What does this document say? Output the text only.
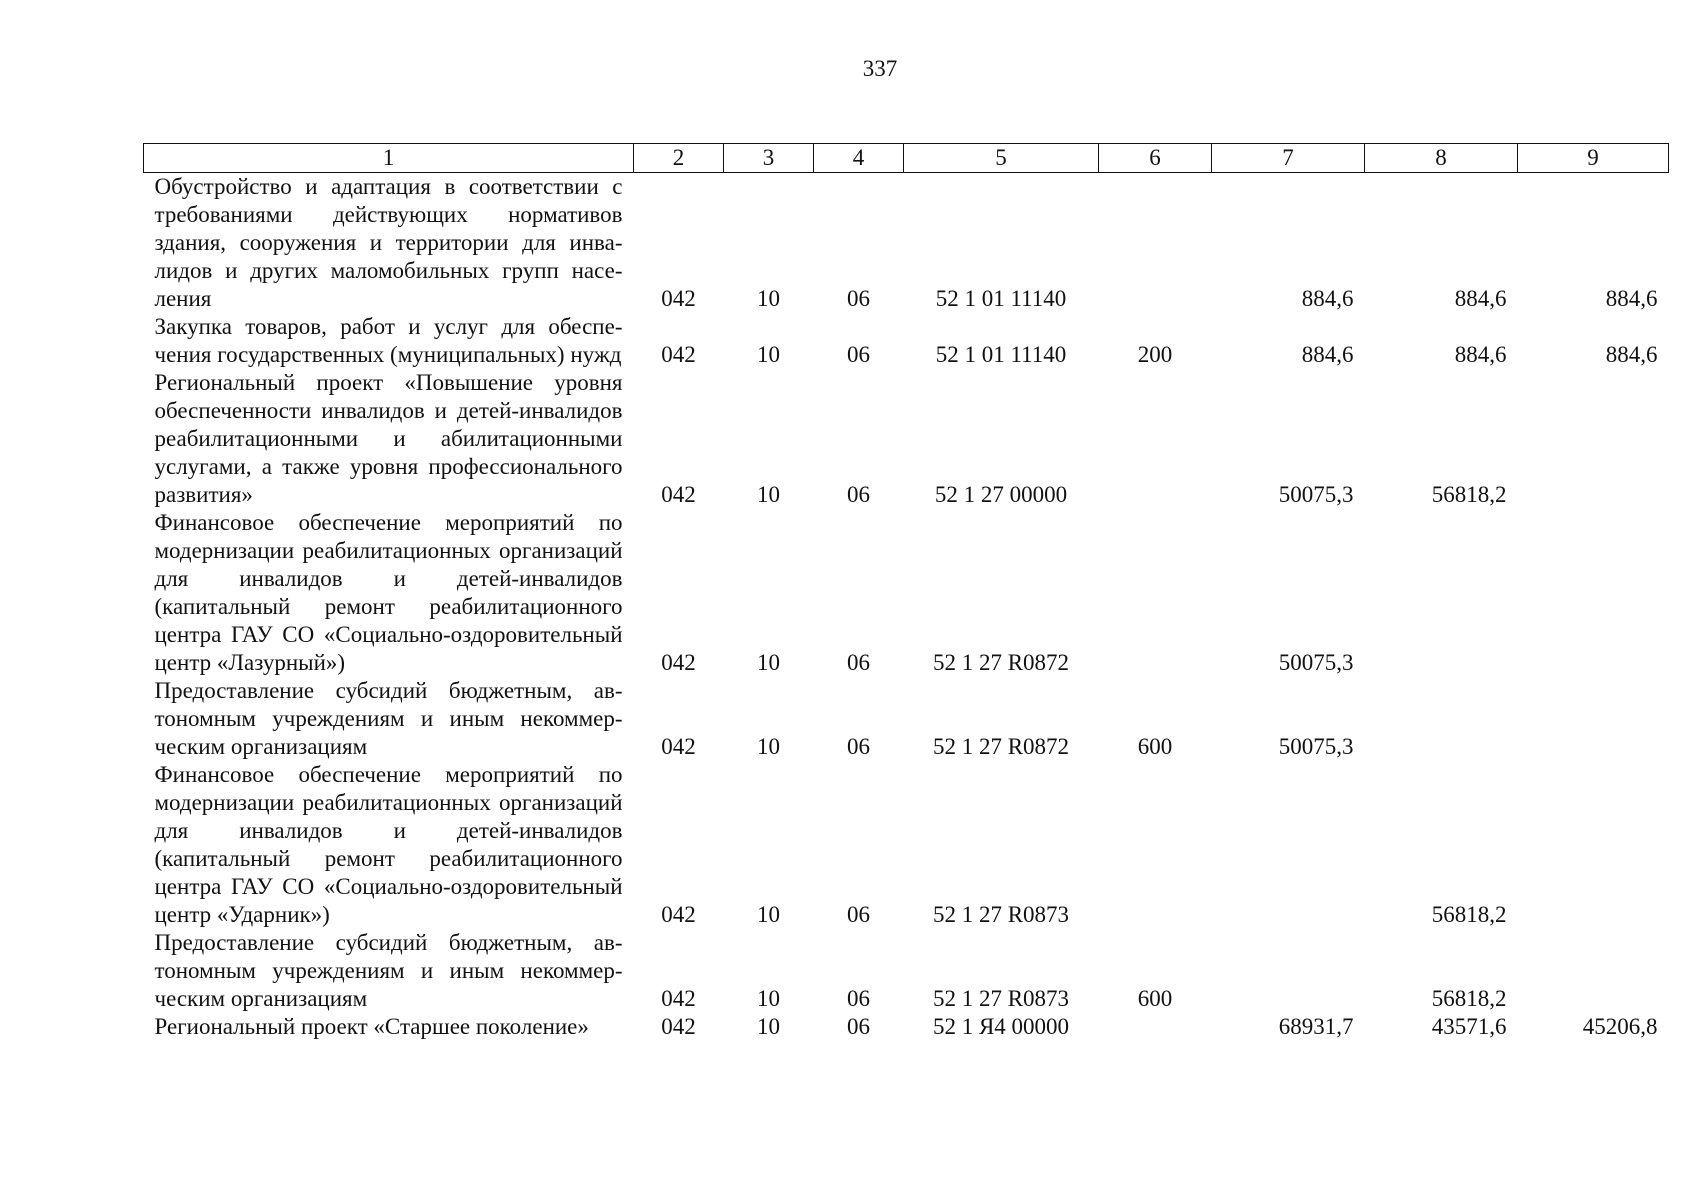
337
1	2	3	4	5	6	7	8	9
Обустройство и адаптация в соответствии с требованиями действующих нормативов здания, сооружения и территории для инвалидов и других маломобильных групп населения	042	10	06	52 1 01 11140		884,6	884,6	884,6
Закупка товаров, работ и услуг для обеспечения государственных (муниципальных) нужд	042	10	06	52 1 01 11140	200	884,6	884,6	884,6
Региональный проект «Повышение уровня обеспеченности инвалидов и детей-инвалидов реабилитационными и абилитационными услугами, а также уровня профессионального развития»	042	10	06	52 1 27 00000		50075,3	56818,2	
Финансовое обеспечение мероприятий по модернизации реабилитационных организаций для инвалидов и детей-инвалидов (капитальный ремонт реабилитационного центра ГАУ СО «Социально-оздоровительный центр «Лазурный»)	042	10	06	52 1 27 R0872		50075,3		
Предоставление субсидий бюджетным, автономным учреждениям и иным некоммерческим организациям	042	10	06	52 1 27 R0872	600	50075,3		
Финансовое обеспечение мероприятий по модернизации реабилитационных организаций для инвалидов и детей-инвалидов (капитальный ремонт реабилитационного центра ГАУ СО «Социально-оздоровительный центр «Ударник»)	042	10	06	52 1 27 R0873			56818,2	
Предоставление субсидий бюджетным, автономным учреждениям и иным некоммерческим организациям	042	10	06	52 1 27 R0873	600		56818,2	
Региональный проект «Старшее поколение»	042	10	06	52 1 Я4 00000		68931,7	43571,6	45206,8
